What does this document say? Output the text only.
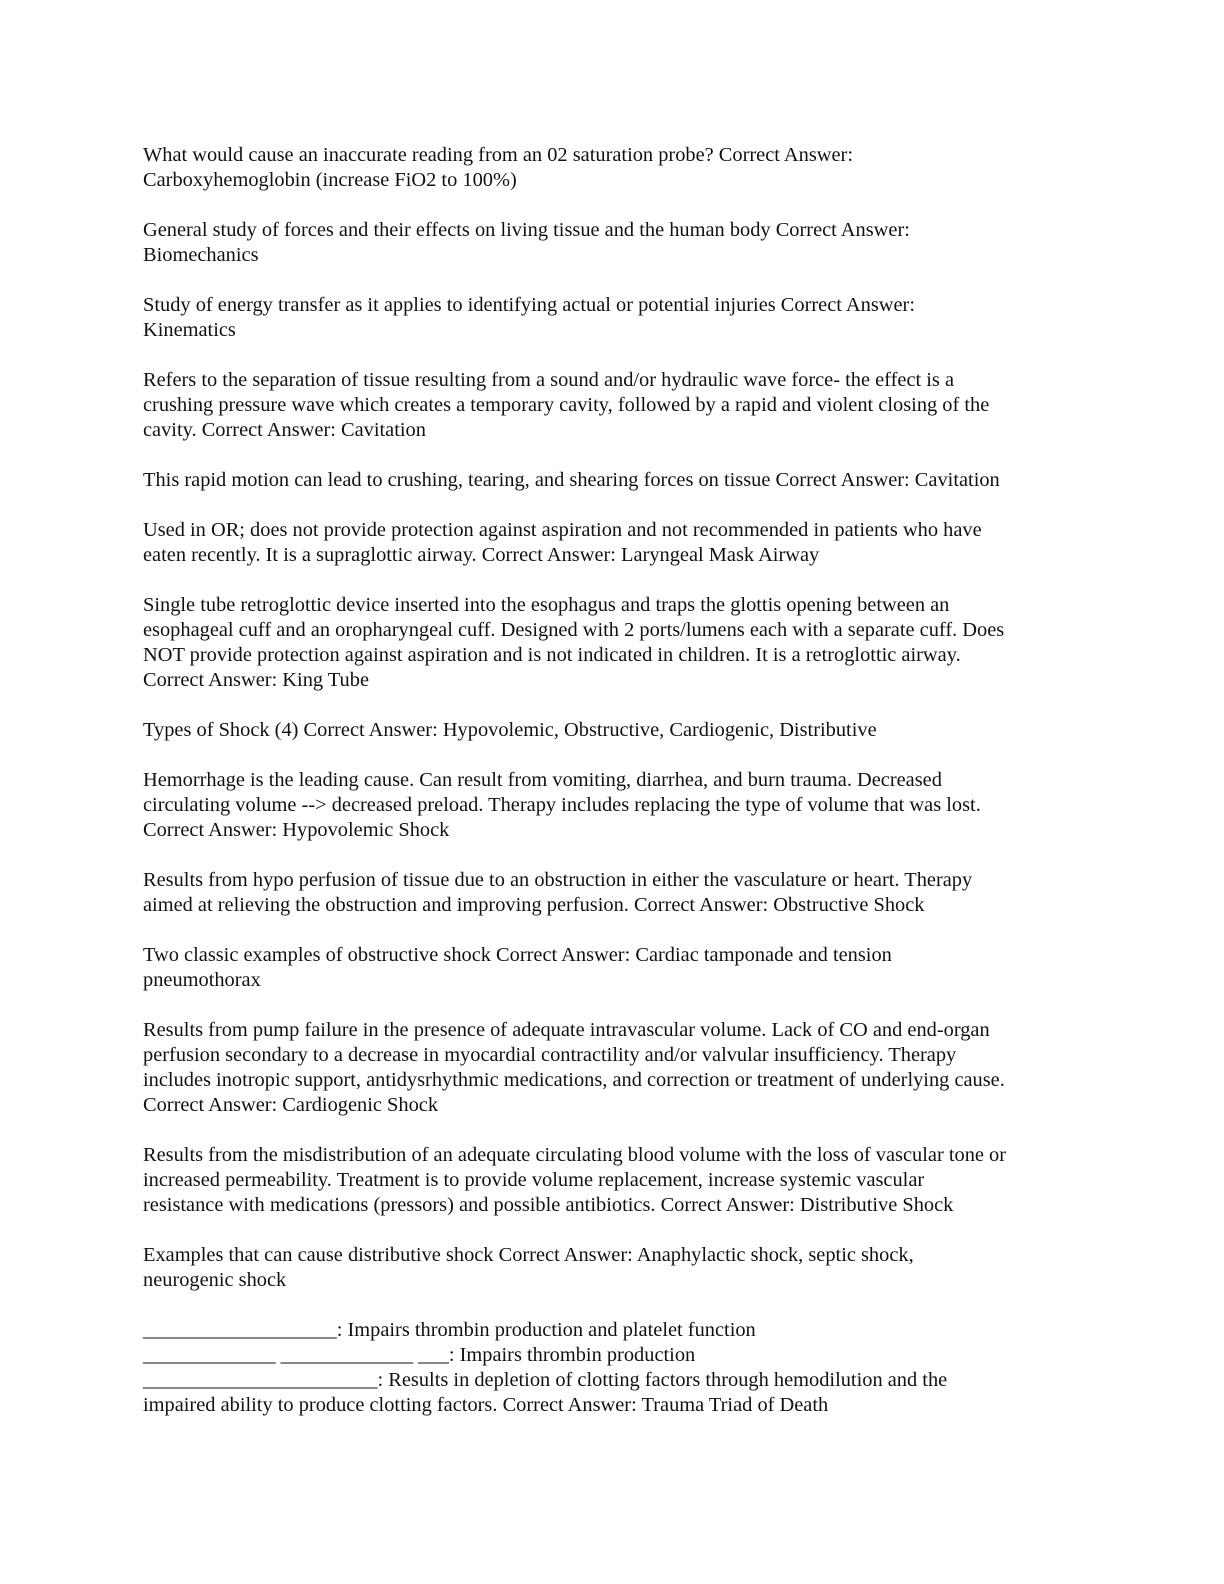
What would cause an inaccurate reading from an 02 saturation probe? Correct Answer:
Carboxyhemoglobin (increase FiO2 to 100%)
General study of forces and their effects on living tissue and the human body Correct Answer:
Biomechanics
Study of energy transfer as it applies to identifying actual or potential injuries Correct Answer:
Kinematics
Refers to the separation of tissue resulting from a sound and/or hydraulic wave force- the effect is a
crushing pressure wave which creates a temporary cavity, followed by a rapid and violent closing of the
cavity. Correct Answer: Cavitation
This rapid motion can lead to crushing, tearing, and shearing forces on tissue Correct Answer: Cavitation
Used in OR; does not provide protection against aspiration and not recommended in patients who have
eaten recently. It is a supraglottic airway. Correct Answer: Laryngeal Mask Airway
Single tube retroglottic device inserted into the esophagus and traps the glottis opening between an
esophageal cuff and an oropharyngeal cuff. Designed with 2 ports/lumens each with a separate cuff. Does
NOT provide protection against aspiration and is not indicated in children. It is a retroglottic airway.
Correct Answer: King Tube
Types of Shock (4) Correct Answer: Hypovolemic, Obstructive, Cardiogenic, Distributive
Hemorrhage is the leading cause. Can result from vomiting, diarrhea, and burn trauma. Decreased
circulating volume --> decreased preload. Therapy includes replacing the type of volume that was lost.
Correct Answer: Hypovolemic Shock
Results from hypo perfusion of tissue due to an obstruction in either the vasculature or heart. Therapy
aimed at relieving the obstruction and improving perfusion. Correct Answer: Obstructive Shock
Two classic examples of obstructive shock Correct Answer: Cardiac tamponade and tension
pneumothorax
Results from pump failure in the presence of adequate intravascular volume. Lack of CO and end-organ
perfusion secondary to a decrease in myocardial contractility and/or valvular insufficiency. Therapy
includes inotropic support, antidysrhythmic medications, and correction or treatment of underlying cause.
Correct Answer: Cardiogenic Shock
Results from the misdistribution of an adequate circulating blood volume with the loss of vascular tone or
increased permeability. Treatment is to provide volume replacement, increase systemic vascular
resistance with medications (pressors) and possible antibiotics. Correct Answer: Distributive Shock
Examples that can cause distributive shock Correct Answer: Anaphylactic shock, septic shock,
neurogenic shock
___________________: Impairs thrombin production and platelet function
_____________ _____________ ___: Impairs thrombin production
_______________________: Results in depletion of clotting factors through hemodilution and the
impaired ability to produce clotting factors. Correct Answer: Trauma Triad of Death
